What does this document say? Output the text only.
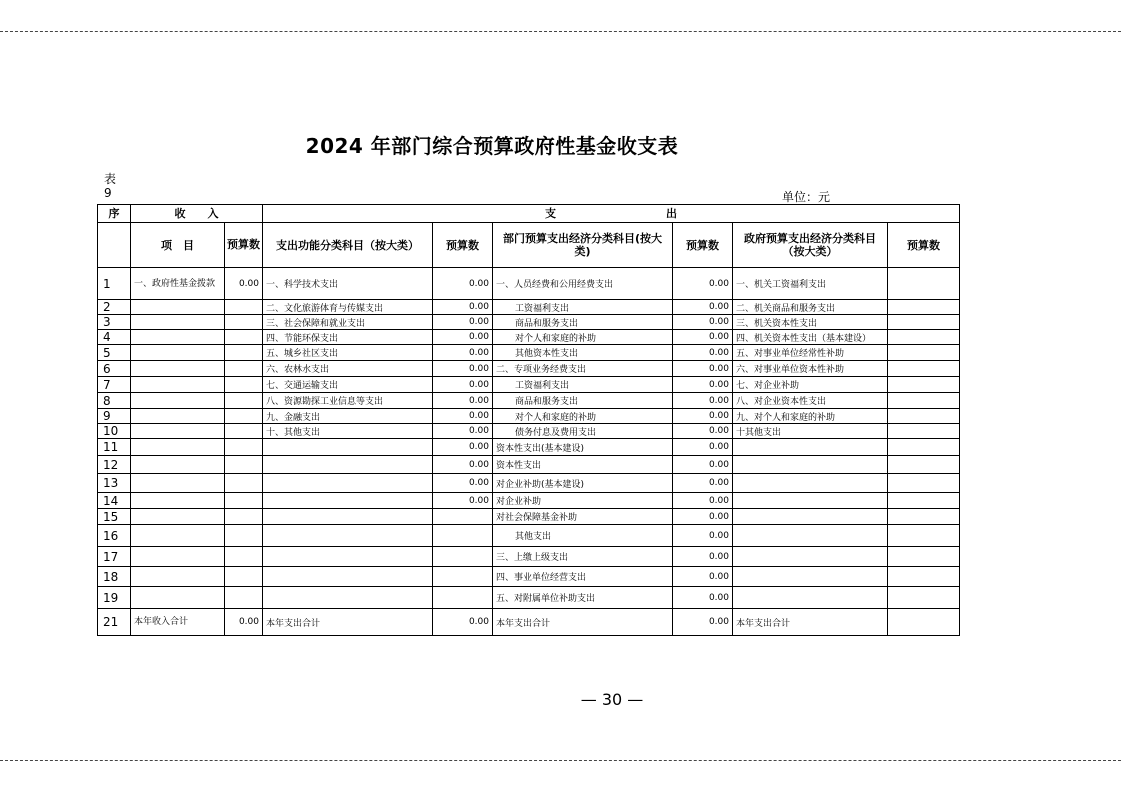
2024 年部门综合预算政府性基金收支表
表9	单位：元
序	收　　入		支　　　　　　　　　　出					
	项　目	预算数	支出功能分类科目（按大类）	预算数	部门预算支出经济分类科目(按大类)	预算数	政府预算支出经济分类科目（按大类）	预算数
1	一、政府性基金拨款	0.00	一、科学技术支出	0.00	一、人员经费和公用经费支出	0.00	一、机关工资福利支出	
2			二、文化旅游体育与传媒支出	0.00	工资福利支出	0.00	二、机关商品和服务支出	
3			三、社会保障和就业支出	0.00	商品和服务支出	0.00	三、机关资本性支出	
4			四、节能环保支出	0.00	对个人和家庭的补助	0.00	四、机关资本性支出（基本建设）	
5			五、城乡社区支出	0.00	其他资本性支出	0.00	五、对事业单位经常性补助	
6			六、农林水支出	0.00	二、专项业务经费支出	0.00	六、对事业单位资本性补助	
7			七、交通运输支出	0.00	工资福利支出	0.00	七、对企业补助	
8			八、资源勘探工业信息等支出	0.00	商品和服务支出	0.00	八、对企业资本性支出	
9			九、金融支出	0.00	对个人和家庭的补助	0.00	九、对个人和家庭的补助	
10			十、其他支出	0.00	债务付息及费用支出	0.00	十其他支出	
11				0.00	资本性支出(基本建设)	0.00		
12				0.00	资本性支出	0.00		
13				0.00	对企业补助(基本建设)	0.00		
14				0.00	对企业补助	0.00		
15					对社会保障基金补助	0.00		
16					其他支出	0.00		
17					三、上缴上级支出	0.00		
18					四、事业单位经营支出	0.00		
19					五、对附属单位补助支出	0.00		
21	本年收入合计	0.00	本年支出合计	0.00	本年支出合计	0.00	本年支出合计	
— 30 —
